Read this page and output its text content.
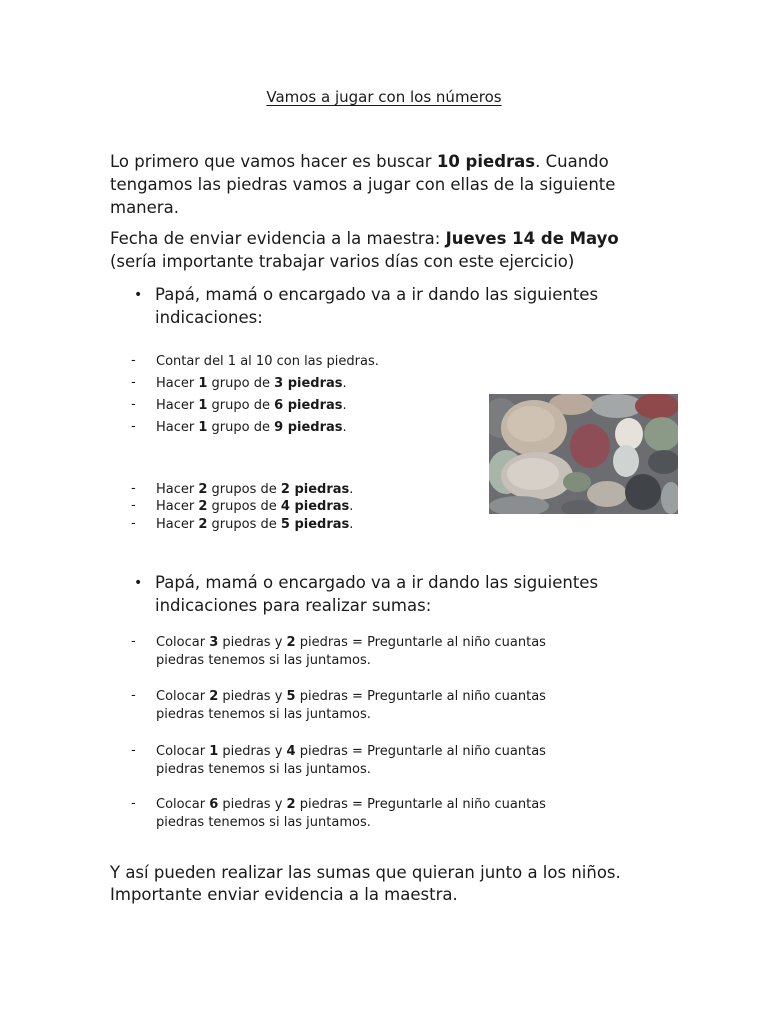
Vamos a jugar con los números
Lo primero que vamos hacer es buscar 10 piedras. Cuando
tengamos las piedras vamos a jugar con ellas de la siguiente
manera.
Fecha de enviar evidencia a la maestra: Jueves 14 de Mayo
(sería importante trabajar varios días con este ejercicio)
• Papá, mamá o encargado va a ir dando las siguientes
indicaciones:
- Contar del 1 al 10 con las piedras.
- Hacer 1 grupo de 3 piedras.
- Hacer 1 grupo de 6 piedras.
- Hacer 1 grupo de 9 piedras.
- Hacer 2 grupos de 2 piedras.
- Hacer 2 grupos de 4 piedras.
- Hacer 2 grupos de 5 piedras.
• Papá, mamá o encargado va a ir dando las siguientes
indicaciones para realizar sumas:
- Colocar 3 piedras y 2 piedras = Preguntarle al niño cuantas
piedras tenemos si las juntamos.
- Colocar 2 piedras y 5 piedras = Preguntarle al niño cuantas
piedras tenemos si las juntamos.
- Colocar 1 piedras y 4 piedras = Preguntarle al niño cuantas
piedras tenemos si las juntamos.
- Colocar 6 piedras y 2 piedras = Preguntarle al niño cuantas
piedras tenemos si las juntamos.
Y así pueden realizar las sumas que quieran junto a los niños.
Importante enviar evidencia a la maestra.
